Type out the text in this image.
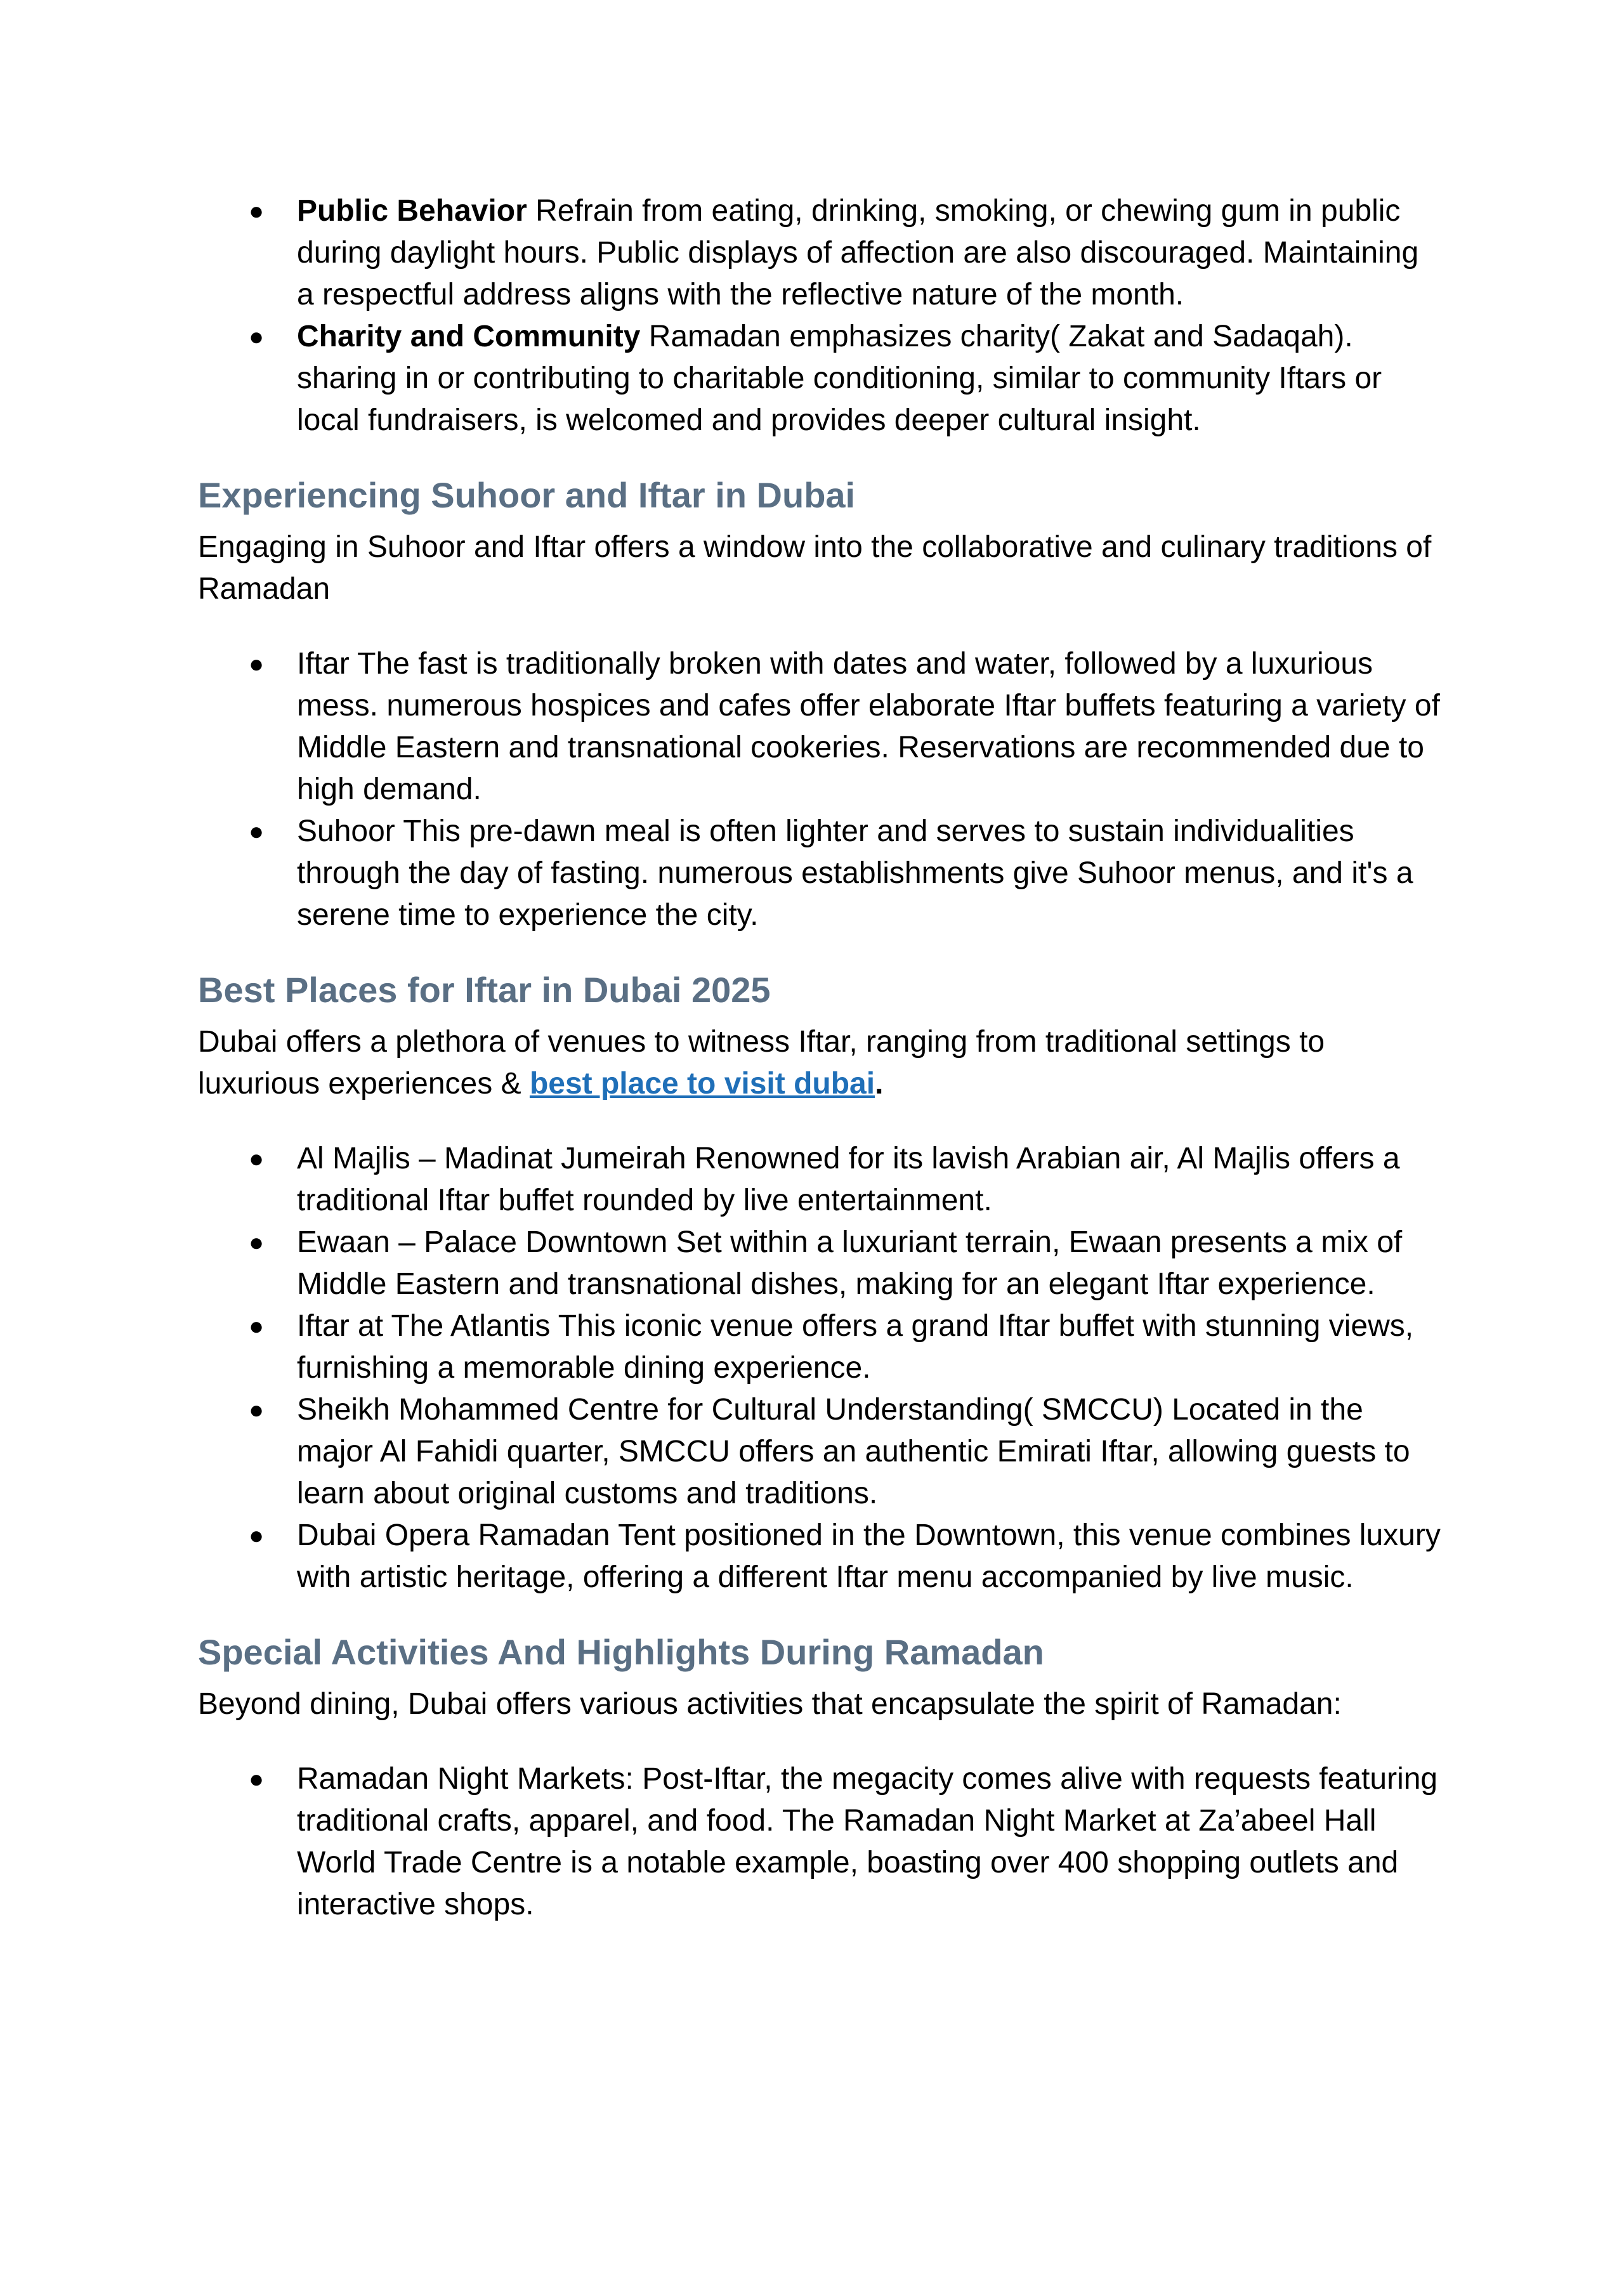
● Public Behavior Refrain from eating, drinking, smoking, or chewing gum in public during daylight hours. Public displays of affection are also discouraged. Maintaining a respectful address aligns with the reflective nature of the month.
● Charity and Community Ramadan emphasizes charity( Zakat and Sadaqah). sharing in or contributing to charitable conditioning, similar to community Iftars or local fundraisers, is welcomed and provides deeper cultural insight.
Experiencing Suhoor and Iftar in Dubai

Engaging in Suhoor and Iftar offers a window into the collaborative and culinary traditions of Ramadan

● Iftar The fast is traditionally broken with dates and water, followed by a luxurious mess. numerous hospices and cafes offer elaborate Iftar buffets featuring a variety of Middle Eastern and transnational cookeries. Reservations are recommended due to high demand.
● Suhoor This pre-dawn meal is often lighter and serves to sustain individualities through the day of fasting. numerous establishments give Suhoor menus, and it's a serene time to experience the city.
Best Places for Iftar in Dubai 2025

Dubai offers a plethora of venues to witness Iftar, ranging from traditional settings to luxurious experiences & best place to visit dubai.

● Al Majlis – Madinat Jumeirah Renowned for its lavish Arabian air, Al Majlis offers a traditional Iftar buffet rounded by live entertainment.
● Ewaan – Palace Downtown Set within a luxuriant terrain, Ewaan presents a mix of Middle Eastern and transnational dishes, making for an elegant Iftar experience.
● Iftar at The Atlantis This iconic venue offers a grand Iftar buffet with stunning views, furnishing a memorable dining experience.
● Sheikh Mohammed Centre for Cultural Understanding( SMCCU) Located in the major Al Fahidi quarter, SMCCU offers an authentic Emirati Iftar, allowing guests to learn about original customs and traditions.
● Dubai Opera Ramadan Tent positioned in the Downtown, this venue combines luxury with artistic heritage, offering a different Iftar menu accompanied by live music.
Special Activities And Highlights During Ramadan

Beyond dining, Dubai offers various activities that encapsulate the spirit of Ramadan:

● Ramadan Night Markets: Post-Iftar, the megacity comes alive with requests featuring traditional crafts, apparel, and food. The Ramadan Night Market at Za’abeel Hall World Trade Centre is a notable example, boasting over 400 shopping outlets and interactive shops.
